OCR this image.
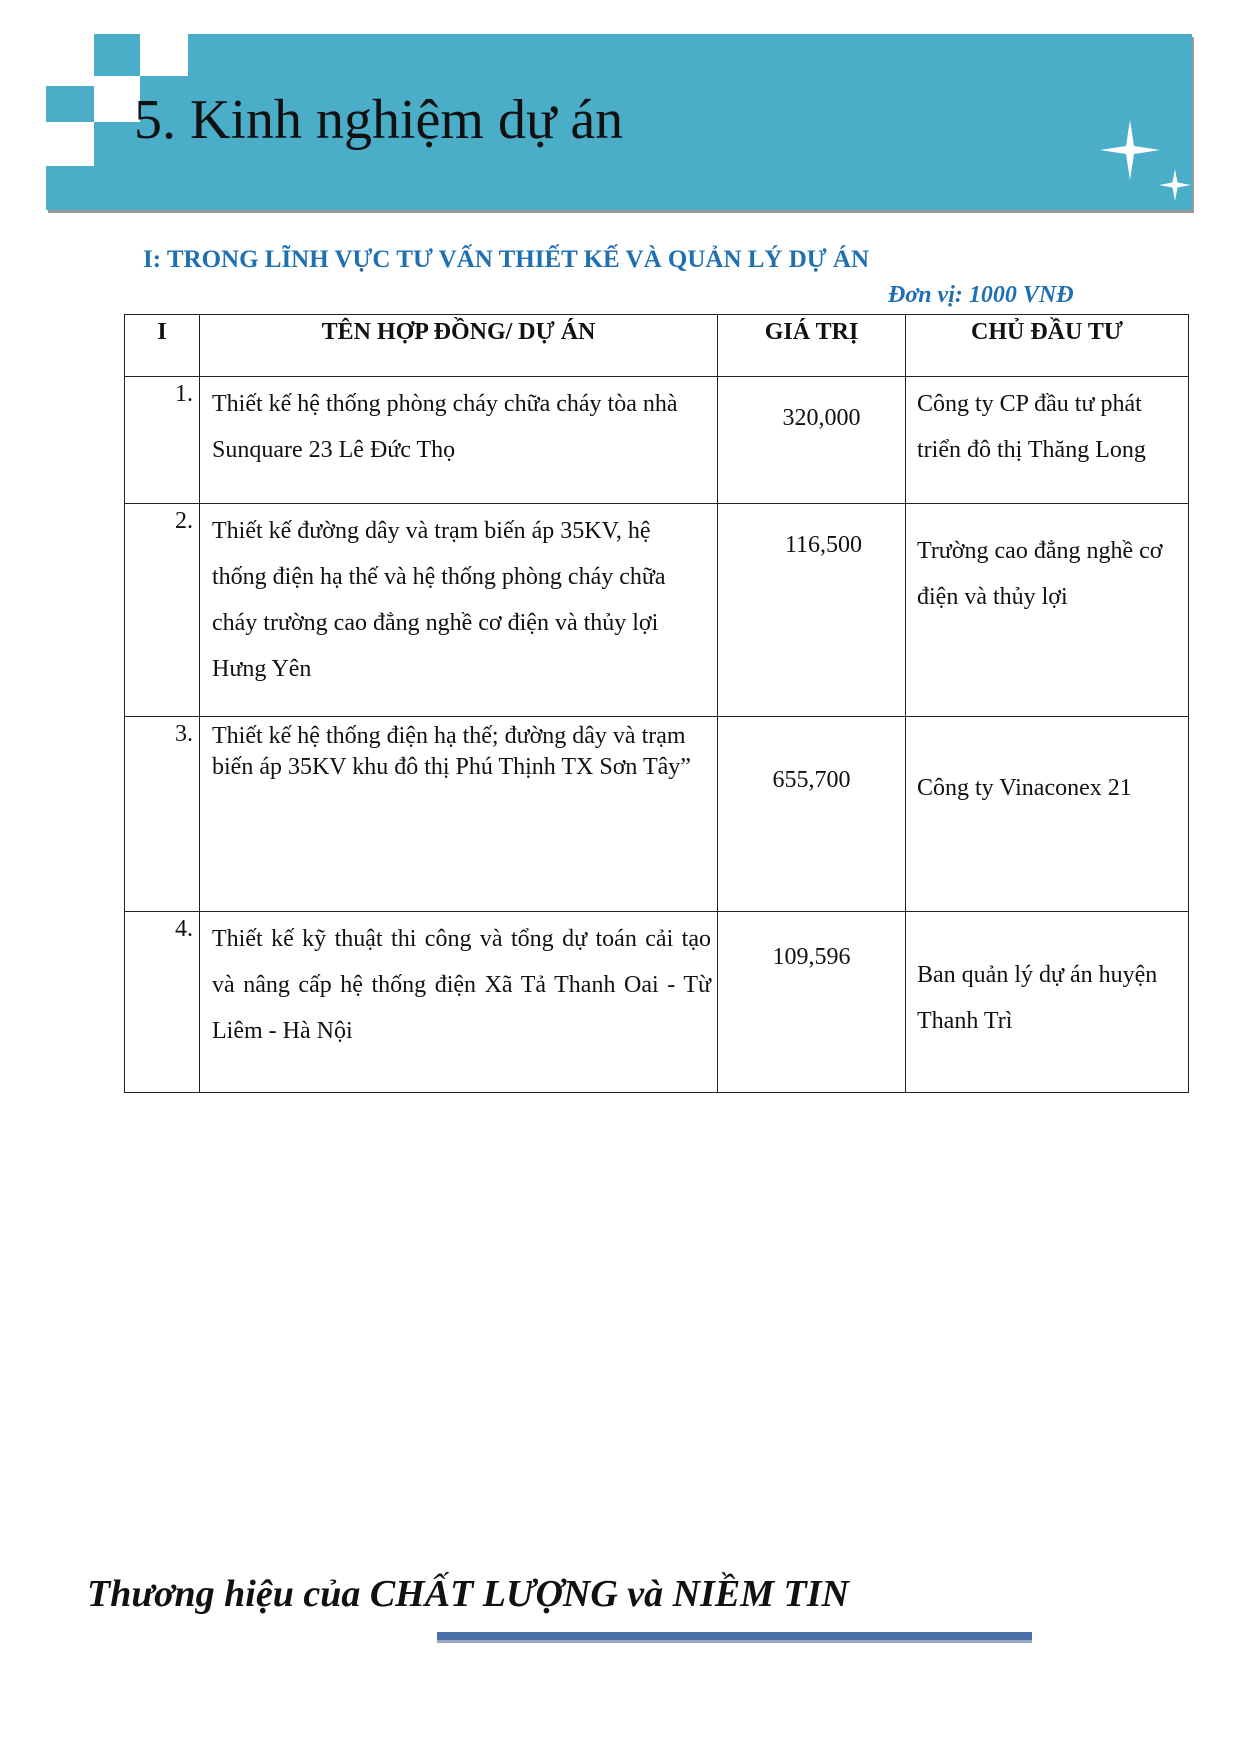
5. Kinh nghiệm dự án
I: TRONG LĨNH VỰC TƯ VẤN THIẾT KẾ VÀ QUẢN LÝ DỰ ÁN
Đơn vị: 1000 VNĐ
I	TÊN HỢP ĐỒNG/ DỰ ÁN	GIÁ TRỊ	CHỦ ĐẦU TƯ
1.	Thiết kế hệ thống phòng cháy chữa cháy tòa nhà Sunquare 23 Lê Đức Thọ	320,000	Công ty CP đầu tư phát triển đô thị Thăng Long
2.	Thiết kế đường dây và trạm biến áp 35KV, hệ thống điện hạ thế và hệ thống phòng cháy chữa cháy trường cao đẳng nghề cơ điện và thủy lợi Hưng Yên	116,500	Trường cao đẳng nghề cơ điện và thủy lợi
3.	Thiết kế hệ thống điện hạ thế; đường dây và trạm biến áp 35KV khu đô thị Phú Thịnh TX Sơn Tây”	655,700	Công ty Vinaconex 21
4.	Thiết kế kỹ thuật thi công và tổng dự toán cải tạo và nâng cấp hệ thống điện Xã Tả Thanh Oai - Từ Liêm - Hà Nội	109,596	Ban quản lý dự án huyện Thanh Trì
Thương hiệu của CHẤT LƯỢNG và NIỀM TIN
